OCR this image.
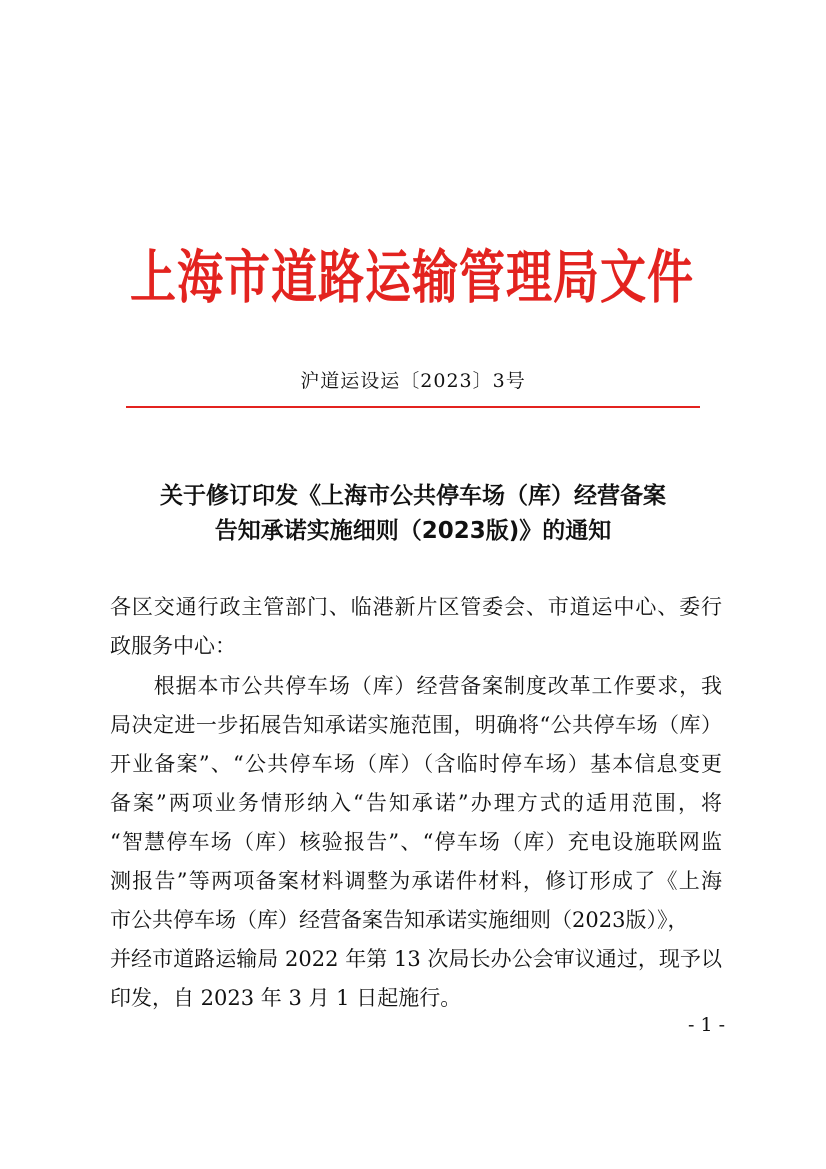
上海市道路运输管理局文件
沪道运设运〔2023〕3号
关于修订印发《上海市公共停车场（库）经营备案
告知承诺实施细则（2023版)》的通知
各区交通行政主管部门、临港新片区管委会、市道运中心、委行
政服务中心：
　　根据本市公共停车场（库）经营备案制度改革工作要求，我
局决定进一步拓展告知承诺实施范围，明确将“公共停车场（库）
开业备案”、“公共停车场（库）（含临时停车场）基本信息变更
备案”两项业务情形纳入“告知承诺”办理方式的适用范围，将
“智慧停车场（库）核验报告”、“停车场（库）充电设施联网监
测报告”等两项备案材料调整为承诺件材料，修订形成了《上海
市公共停车场（库）经营备案告知承诺实施细则（2023版）》，
并经市道路运输局 2022 年第 13 次局长办公会审议通过，现予以
印发，自 2023 年 3 月 1 日起施行。
- 1 -
